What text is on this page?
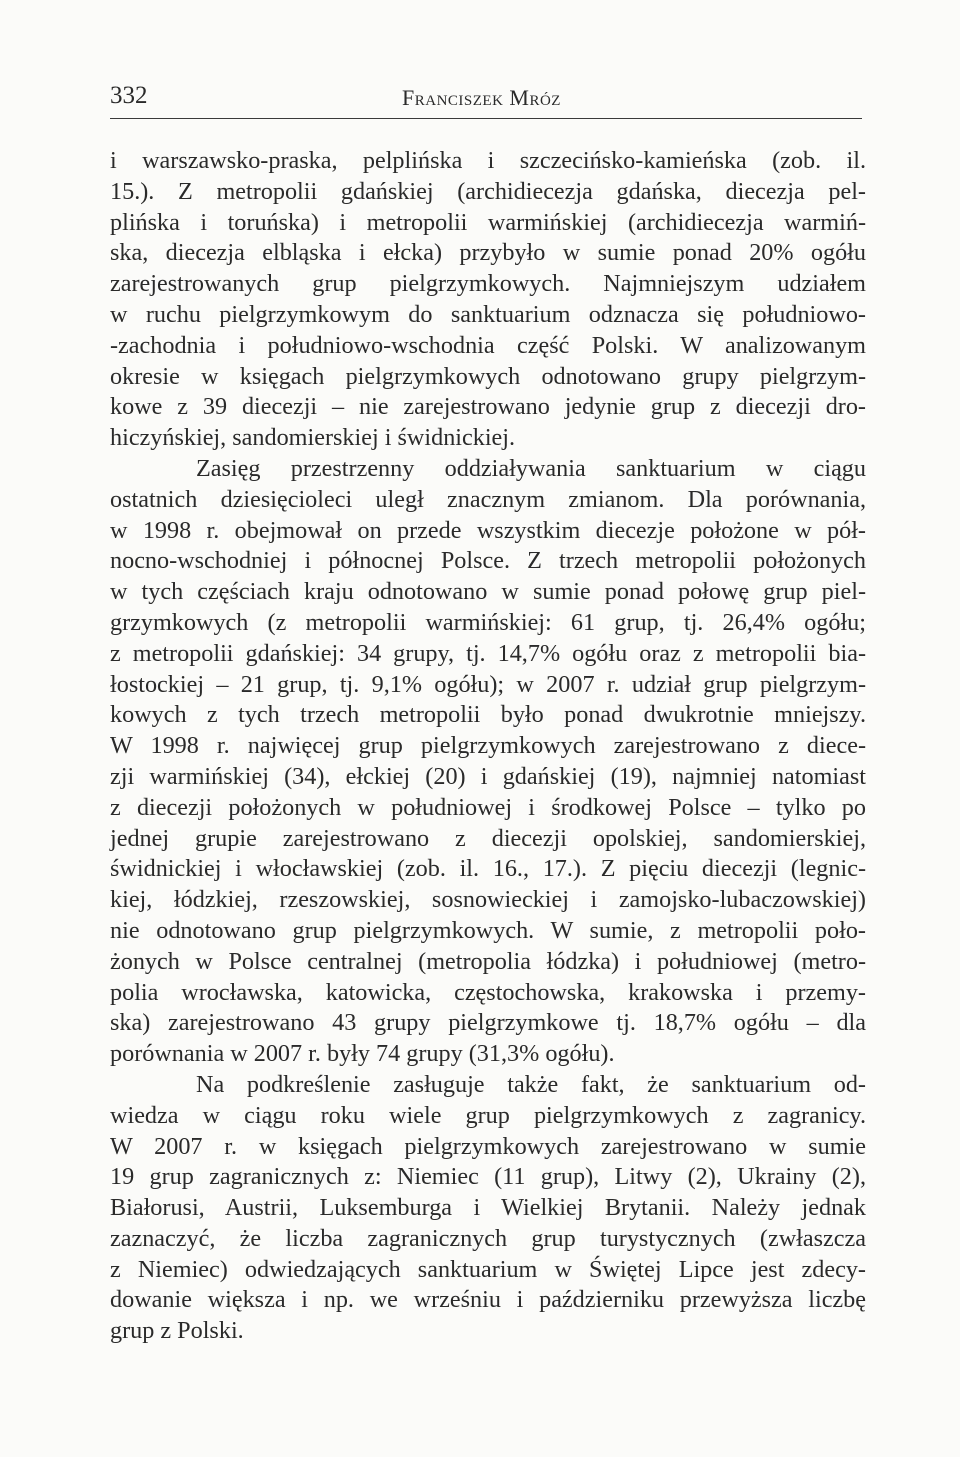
332	Franciszek Mróz
i warszawsko-praska, pelplińska i szczecińsko-kamieńska (zob. il.
15.). Z metropolii gdańskiej (archidiecezja gdańska, diecezja pel-
plińska i toruńska) i metropolii warmińskiej (archidiecezja warmiń-
ska, diecezja elbląska i ełcka) przybyło w sumie ponad 20% ogółu
zarejestrowanych grup pielgrzymkowych. Najmniejszym udziałem
w ruchu pielgrzymkowym do sanktuarium odznacza się południowo-
-zachodnia i południowo-wschodnia część Polski. W analizowanym
okresie w księgach pielgrzymkowych odnotowano grupy pielgrzym-
kowe z 39 diecezji – nie zarejestrowano jedynie grup z diecezji dro-
hiczyńskiej, sandomierskiej i świdnickiej.
Zasięg przestrzenny oddziaływania sanktuarium w ciągu
ostatnich dziesięcioleci uległ znacznym zmianom. Dla porównania,
w 1998 r. obejmował on przede wszystkim diecezje położone w pół-
nocno-wschodniej i północnej Polsce. Z trzech metropolii położonych
w tych częściach kraju odnotowano w sumie ponad połowę grup piel-
grzymkowych (z metropolii warmińskiej: 61 grup, tj. 26,4% ogółu;
z metropolii gdańskiej: 34 grupy, tj. 14,7% ogółu oraz z metropolii bia-
łostockiej – 21 grup, tj. 9,1% ogółu); w 2007 r. udział grup pielgrzym-
kowych z tych trzech metropolii było ponad dwukrotnie mniejszy.
W 1998 r. najwięcej grup pielgrzymkowych zarejestrowano z diece-
zji warmińskiej (34), ełckiej (20) i gdańskiej (19), najmniej natomiast
z diecezji położonych w południowej i środkowej Polsce – tylko po
jednej grupie zarejestrowano z diecezji opolskiej, sandomierskiej,
świdnickiej i włocławskiej (zob. il. 16., 17.). Z pięciu diecezji (legnic-
kiej, łódzkiej, rzeszowskiej, sosnowieckiej i zamojsko-lubaczowskiej)
nie odnotowano grup pielgrzymkowych. W sumie, z metropolii poło-
żonych w Polsce centralnej (metropolia łódzka) i południowej (metro-
polia wrocławska, katowicka, częstochowska, krakowska i przemy-
ska) zarejestrowano 43 grupy pielgrzymkowe tj. 18,7% ogółu – dla
porównania w 2007 r. były 74 grupy (31,3% ogółu).
Na podkreślenie zasługuje także fakt, że sanktuarium od-
wiedza w ciągu roku wiele grup pielgrzymkowych z zagranicy.
W 2007 r. w księgach pielgrzymkowych zarejestrowano w sumie
19 grup zagranicznych z: Niemiec (11 grup), Litwy (2), Ukrainy (2),
Białorusi, Austrii, Luksemburga i Wielkiej Brytanii. Należy jednak
zaznaczyć, że liczba zagranicznych grup turystycznych (zwłaszcza
z Niemiec) odwiedzających sanktuarium w Świętej Lipce jest zdecy-
dowanie większa i np. we wrześniu i październiku przewyższa liczbę
grup z Polski.
